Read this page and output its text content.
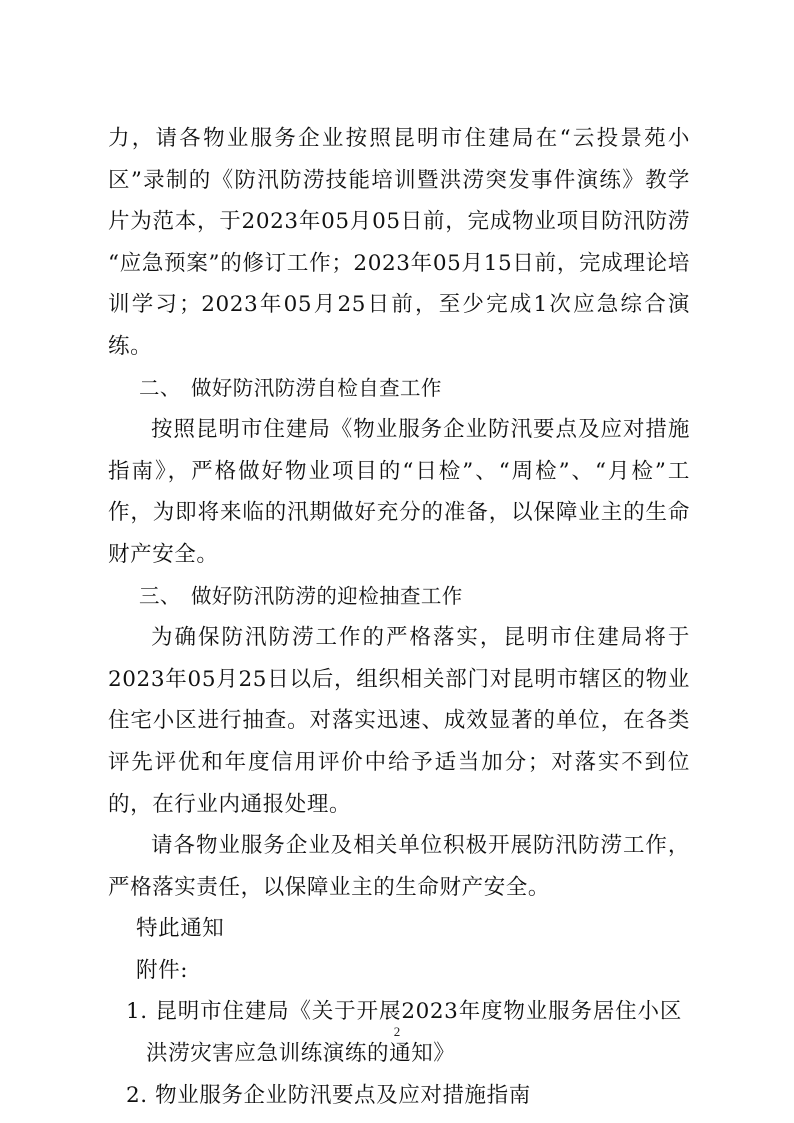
力，请各物业服务企业按照昆明市住建局在“云投景苑小区”录制的《防汛防涝技能培训暨洪涝突发事件演练》教学片为范本，于2023年05月05日前，完成物业项目防汛防涝 “应急预案”的修订工作；2023年05月15日前，完成理论培训学习；2023年05月25日前，至少完成1次应急综合演练。

二、 做好防汛防涝自检自查工作

按照昆明市住建局《物业服务企业防汛要点及应对措施指南》，严格做好物业项目的“日检”、“周检”、“月检”工作，为即将来临的汛期做好充分的准备，以保障业主的生命财产安全。

三、 做好防汛防涝的迎检抽查工作

为确保防汛防涝工作的严格落实，昆明市住建局将于2023年05月25日以后，组织相关部门对昆明市辖区的物业住宅小区进行抽查。对落实迅速、成效显著的单位，在各类评先评优和年度信用评价中给予适当加分；对落实不到位的，在行业内通报处理。

请各物业服务企业及相关单位积极开展防汛防涝工作，严格落实责任，以保障业主的生命财产安全。

特此通知

附件:

1. 昆明市住建局《关于开展2023年度物业服务居住小区洪涝灾害应急训练演练的通知》

2. 物业服务企业防汛要点及应对措施指南

2
